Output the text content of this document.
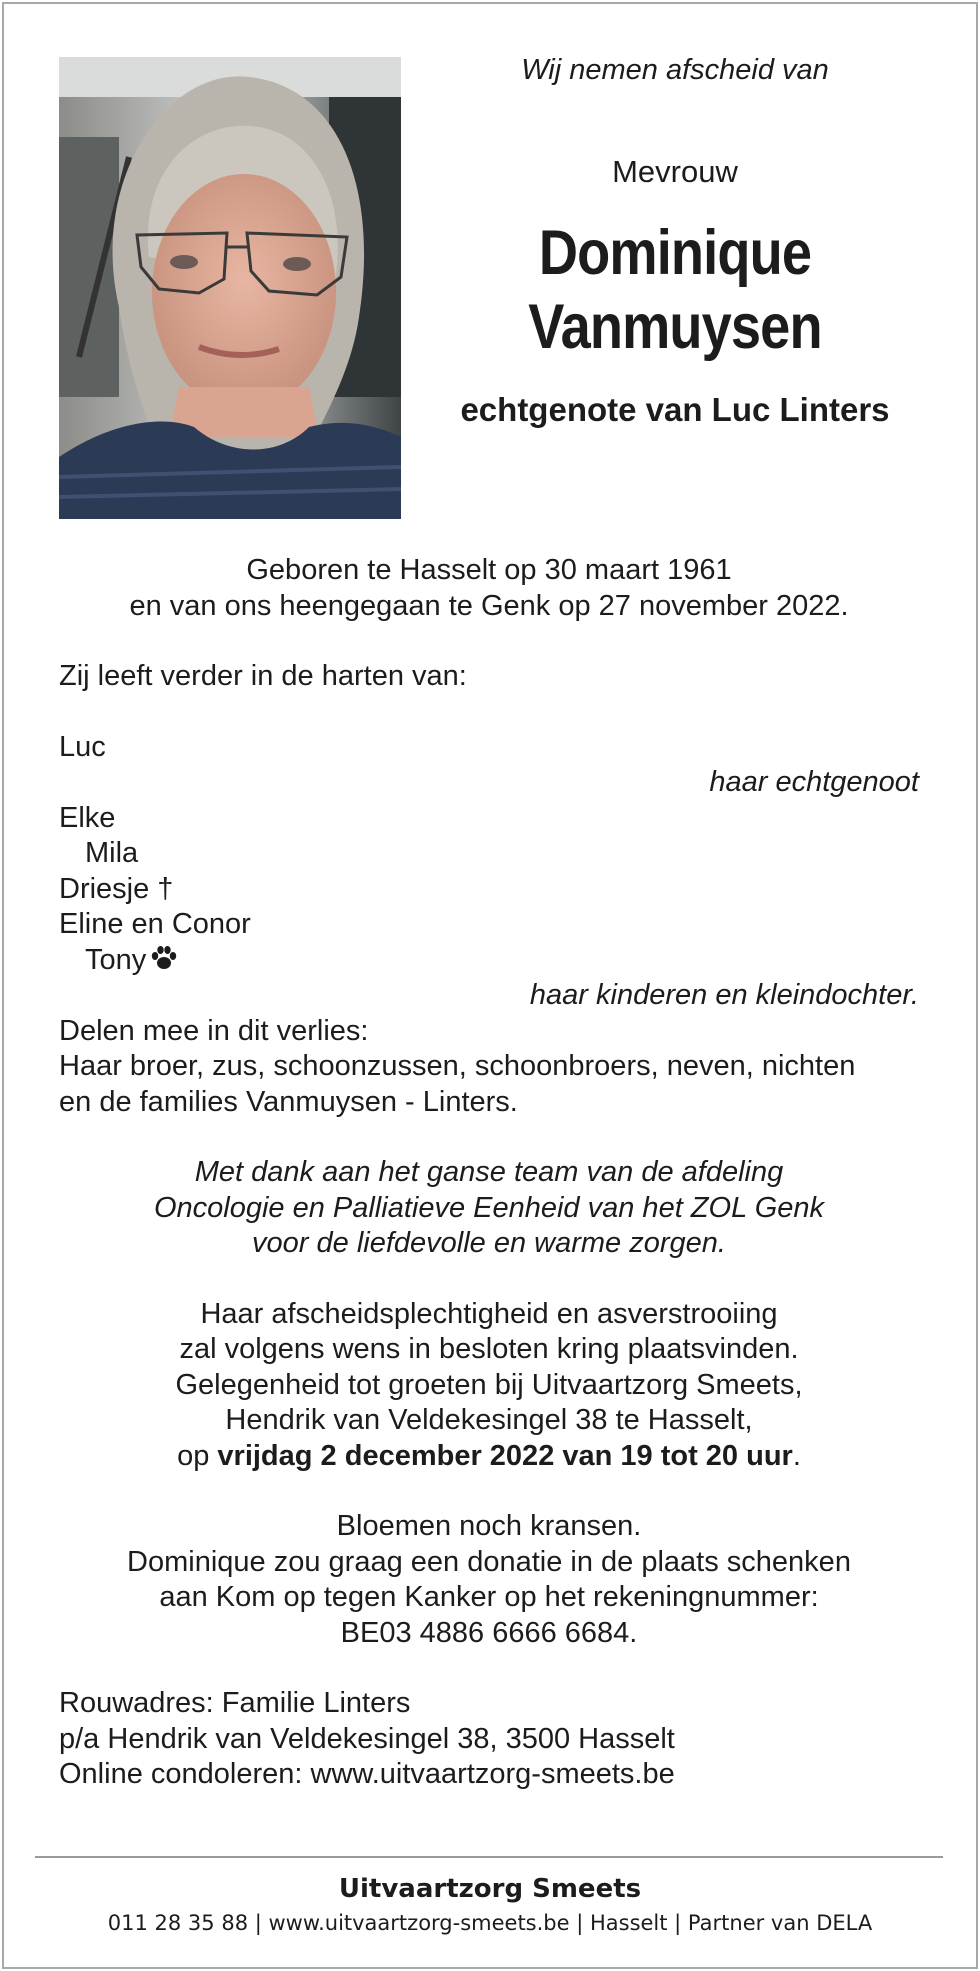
Wij nemen afscheid van
Mevrouw
Dominique
Vanmuysen
echtgenote van Luc Linters
Geboren te Hasselt op 30 maart 1961
en van ons heengegaan te Genk op 27 november 2022.
Zij leeft verder in de harten van:
Luc
haar echtgenoot
Elke
Mila
Driesje †
Eline en Conor
Tony
haar kinderen en kleindochter.
Delen mee in dit verlies:
Haar broer, zus, schoonzussen, schoonbroers, neven, nichten
en de families Vanmuysen - Linters.
Met dank aan het ganse team van de afdeling
Oncologie en Palliatieve Eenheid van het ZOL Genk
voor de liefdevolle en warme zorgen.
Haar afscheidsplechtigheid en asverstrooiing
zal volgens wens in besloten kring plaatsvinden.
Gelegenheid tot groeten bij Uitvaartzorg Smeets,
Hendrik van Veldekesingel 38 te Hasselt,
op vrijdag 2 december 2022 van 19 tot 20 uur.
Bloemen noch kransen.
Dominique zou graag een donatie in de plaats schenken
aan Kom op tegen Kanker op het rekeningnummer:
BE03 4886 6666 6684.
Rouwadres: Familie Linters
p/a Hendrik van Veldekesingel 38, 3500 Hasselt
Online condoleren: www.uitvaartzorg-smeets.be
Uitvaartzorg Smeets
011 28 35 88 | www.uitvaartzorg-smeets.be | Hasselt | Partner van DELA
